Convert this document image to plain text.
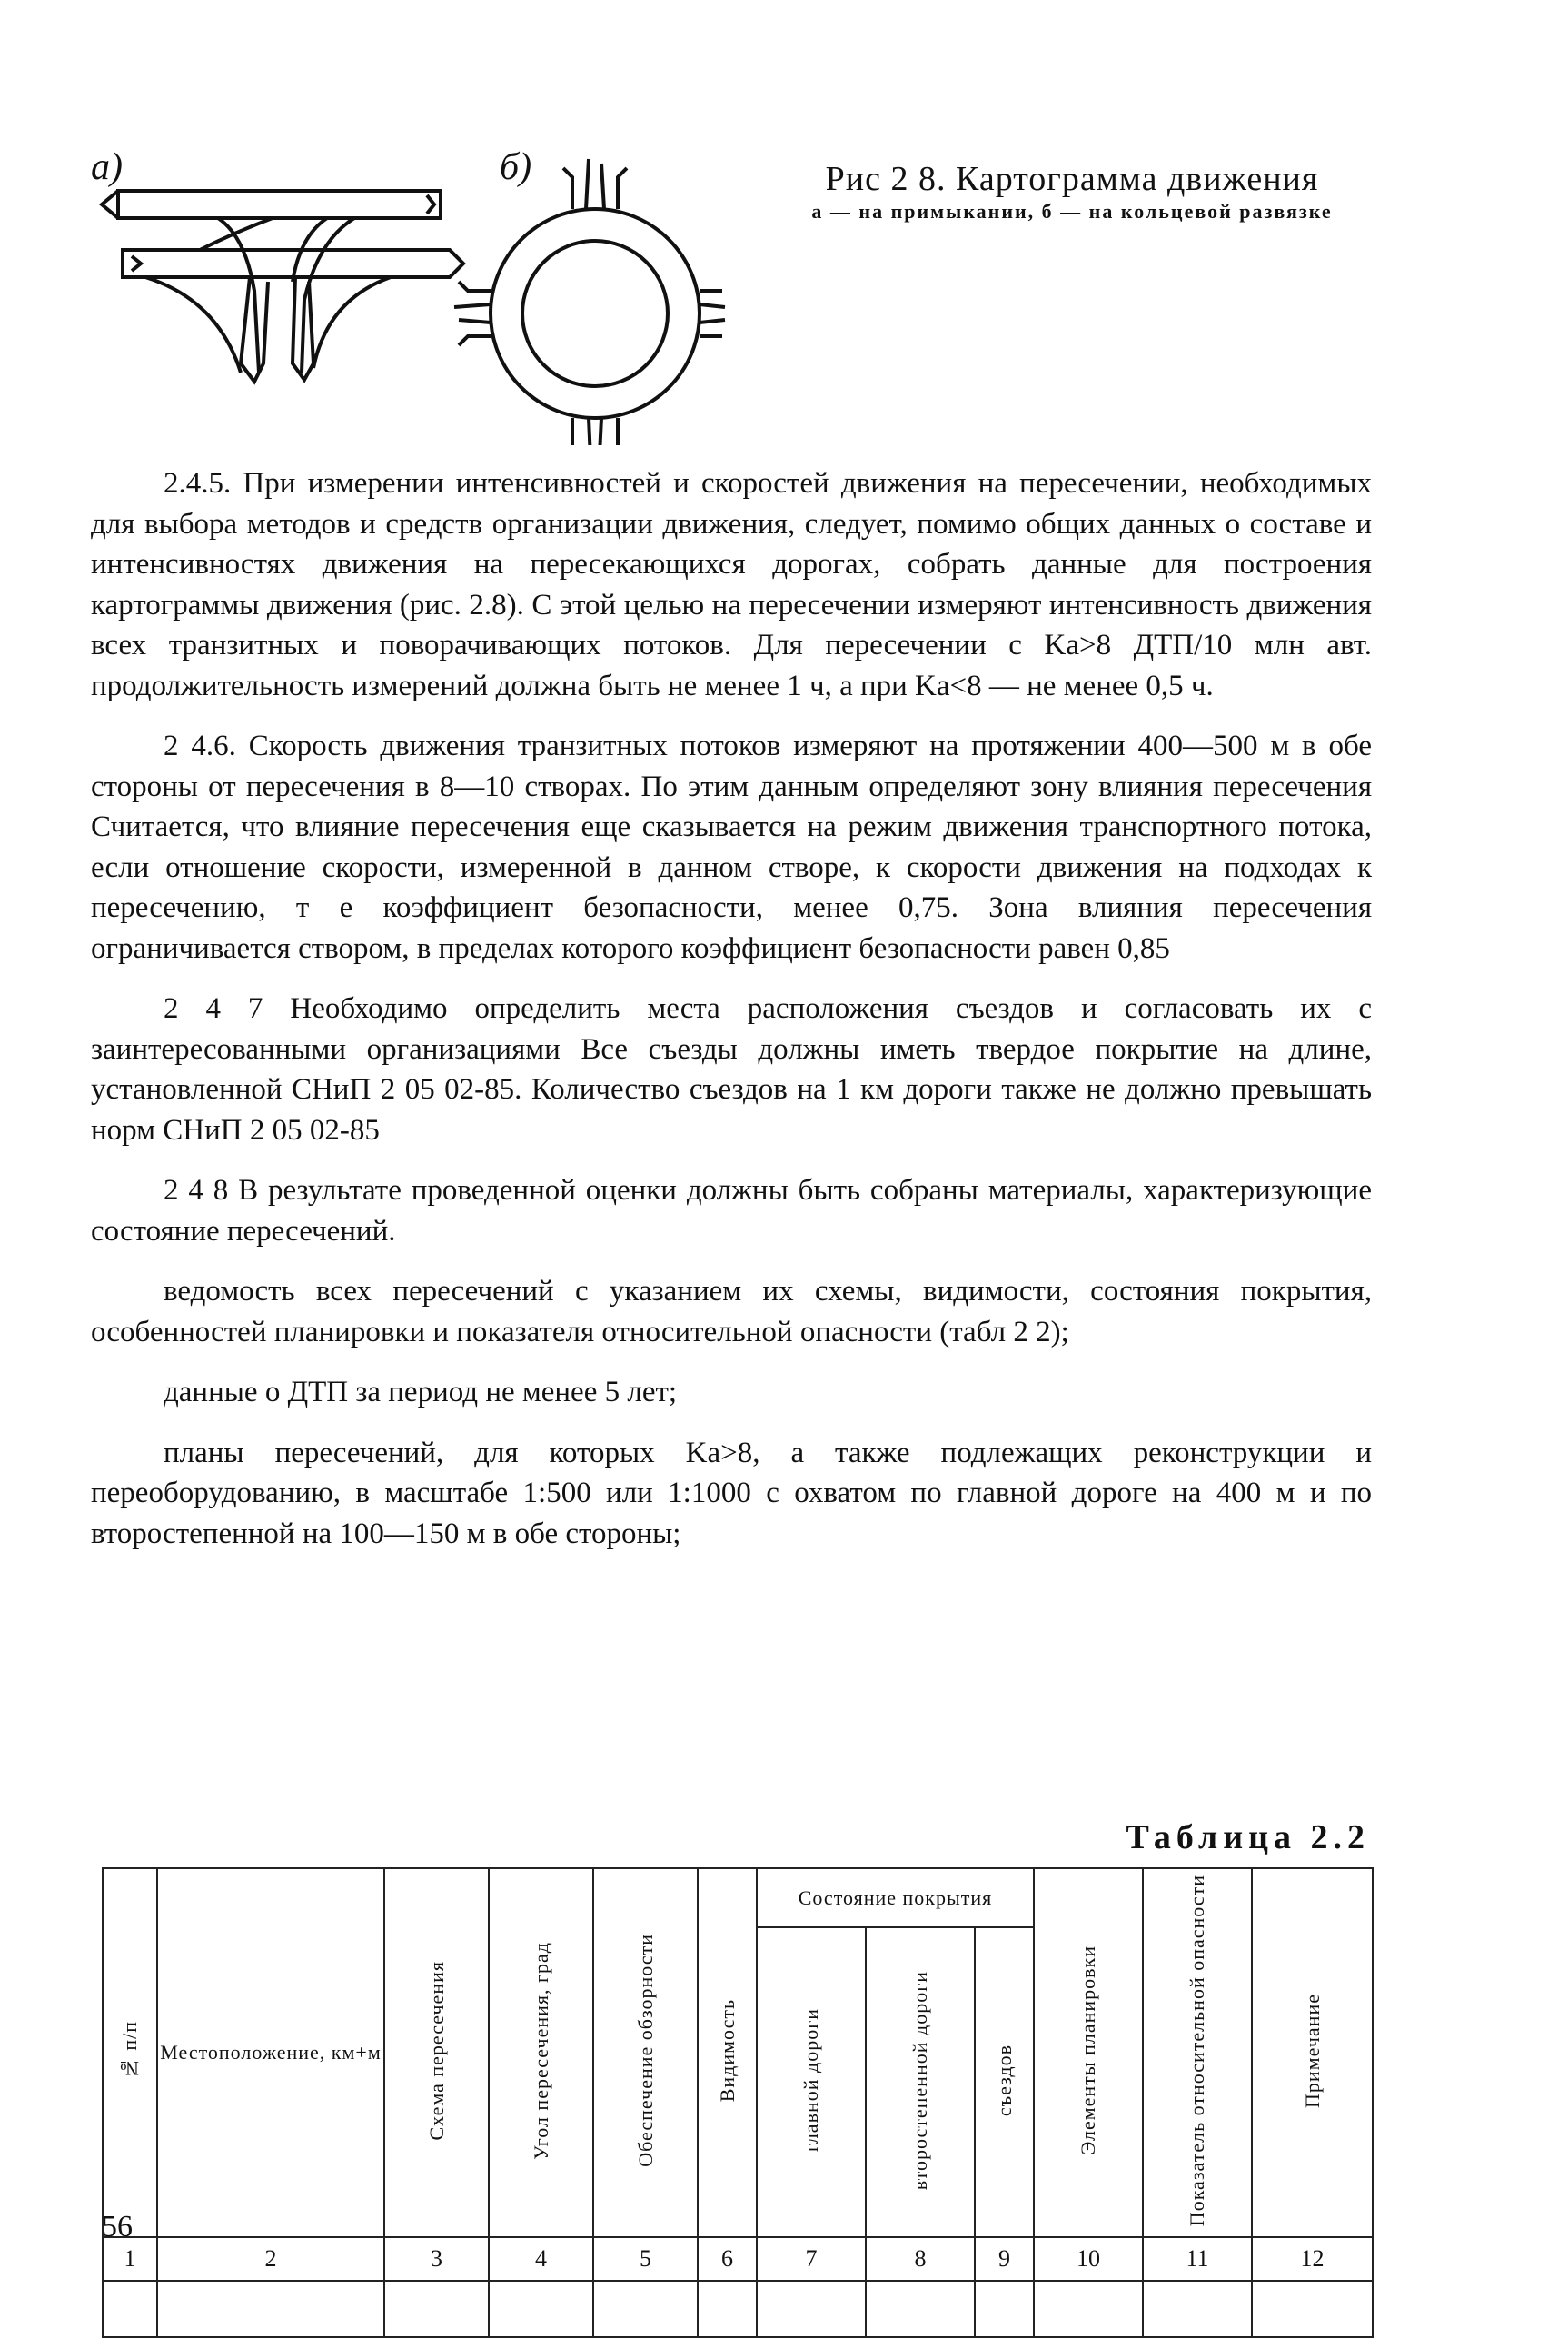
а)	б)	Рис 2 8. Картограмма движения
а — на примыкании, б — на кольцевой развязке

2.4.5. При измерении интенсивностей и скоростей движения на пересечении, необходимых для выбора методов и средств организации движения, следует, помимо общих данных о составе и интенсивностях движения на пересекающихся дорогах, собрать данные для построения картограммы движения (рис. 2.8). С этой целью на пересечении измеряют интенсивность движения всех транзитных и поворачивающих потоков. Для пересечении с Kа>8 ДТП/10 млн авт. продолжительность измерений должна быть не менее 1 ч, а при Kа<8 — не менее 0,5 ч.

2 4.6. Скорость движения транзитных потоков измеряют на протяжении 400—500 м в обе стороны от пересечения в 8—10 створах. По этим данным определяют зону влияния пересечения Считается, что влияние пересечения еще сказывается на режим движения транспортного потока, если отношение скорости, измеренной в данном створе, к скорости движения на подходах к пересечению, т е коэффициент безопасности, менее 0,75. Зона влияния пересечения ограничивается створом, в пределах которого коэффициент безопасности равен 0,85

2 4 7 Необходимо определить места расположения съездов и согласовать их с заинтересованными организациями Все съезды должны иметь твердое покрытие на длине, установленной СНиП 2 05 02-85. Количество съездов на 1 км дороги также не должно превышать норм СНиП 2 05 02-85

2 4 8 В результате проведенной оценки должны быть собраны материалы, характеризующие состояние пересечений.

ведомость всех пересечений с указанием их схемы, видимости, состояния покрытия, особенностей планировки и показателя относительной опасности (табл 2 2);

данные о ДТП за период не менее 5 лет;

планы пересечений, для которых Kа>8, а также подлежащих реконструкции и переоборудованию, в масштабе 1:500 или 1:1000 с охватом по главной дороге на 400 м и по второстепенной на 100—150 м в обе стороны;

Таблица 2.2
№ п/п	Местоположение, км+м	Схема пересечения	Угол пересечения, град	Обеспечение обзорности	Видимость	Состояние покрытия			Элементы планировки	Показатель относительной опасности	Примечание
						главной дороги	второстепенной дороги	съездов			
1	2	3	4	5	6	7	8	9	10	11	12

56
